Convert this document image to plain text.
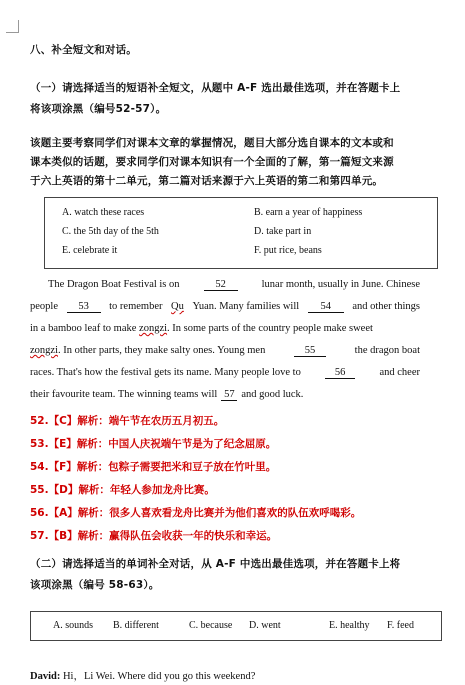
八、补全短文和对话。
（一）请选择适当的短语补全短文，从题中 A-F 选出最佳选项，并在答题卡上
将该项涂黑（编号52-57）。
该题主要考察同学们对课本文章的掌握情况，题目大部分选自课本的文本或和
课本类似的话题，要求同学们对课本知识有一个全面的了解，第一篇短文来源
于六上英语的第十二单元，第二篇对话来源于六上英语的第二和第四单元。
A. watch these races	B. earn a year of happiness
C. the 5th day of the 5th	D. take part in
E. celebrate it	F. put rice, beans
The Dragon Boat Festival is on	52	lunar month, usually in June. Chinese
people	53	to remember Qu Yuan. Many families will	54	and other things
in a bamboo leaf to make zongzi. In some parts of the country people make sweet
zongzi. In other parts, they make salty ones. Young men	55	the dragon boat
races. That's how the festival gets its name. Many people love to	56	and cheer
their favourite team. The winning teams will 57 and good luck.
52.【C】解析：端午节在农历五月初五。
53.【E】解析：中国人庆祝端午节是为了纪念屈原。
54.【F】解析：包粽子需要把米和豆子放在竹叶里。
55.【D】解析：年轻人参加龙舟比赛。
56.【A】解析：很多人喜欢看龙舟比赛并为他们喜欢的队伍欢呼喝彩。
57.【B】解析：赢得队伍会收获一年的快乐和幸运。
（二）请选择适当的单词补全对话，从 A-F 中选出最佳选项，并在答题卡上将
该项涂黑（编号 58-63）。
A. sounds B. different	C. because D. went	E. healthy F. feed
David: Hi，Li Wei. Where did you go this weekend?
